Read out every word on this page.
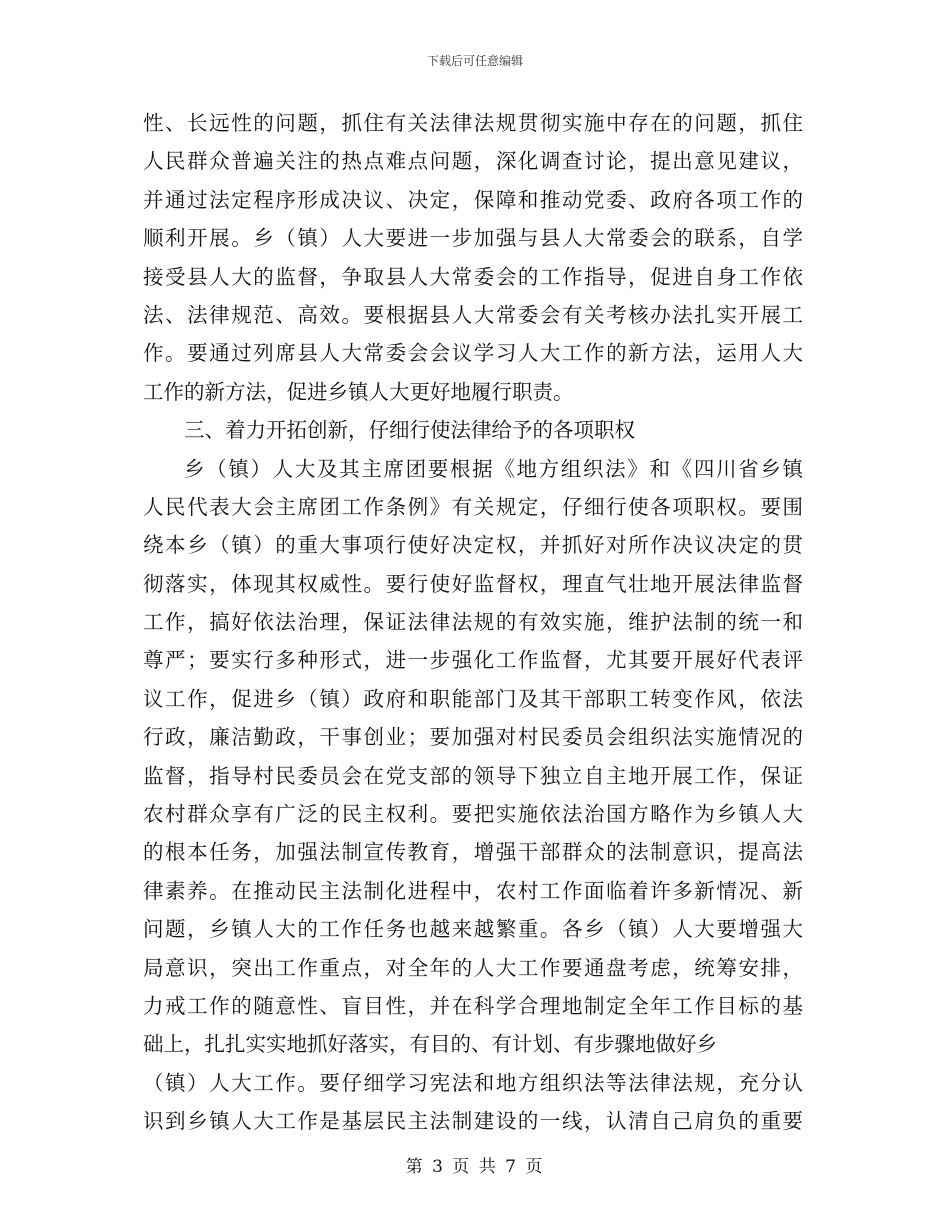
下载后可任意编辑
性、长远性的问题，抓住有关法律法规贯彻实施中存在的问题，抓住
人民群众普遍关注的热点难点问题，深化调查讨论，提出意见建议，
并通过法定程序形成决议、决定，保障和推动党委、政府各项工作的
顺利开展。乡（镇）人大要进一步加强与县人大常委会的联系，自学
接受县人大的监督，争取县人大常委会的工作指导，促进自身工作依
法、法律规范、高效。要根据县人大常委会有关考核办法扎实开展工
作。要通过列席县人大常委会会议学习人大工作的新方法，运用人大
工作的新方法，促进乡镇人大更好地履行职责。
三、着力开拓创新，仔细行使法律给予的各项职权
乡（镇）人大及其主席团要根据《地方组织法》和《四川省乡镇
人民代表大会主席团工作条例》有关规定，仔细行使各项职权。要围
绕本乡（镇）的重大事项行使好决定权，并抓好对所作决议决定的贯
彻落实，体现其权威性。要行使好监督权，理直气壮地开展法律监督
工作，搞好依法治理，保证法律法规的有效实施，维护法制的统一和
尊严；要实行多种形式，进一步强化工作监督，尤其要开展好代表评
议工作，促进乡（镇）政府和职能部门及其干部职工转变作风，依法
行政，廉洁勤政，干事创业；要加强对村民委员会组织法实施情况的
监督，指导村民委员会在党支部的领导下独立自主地开展工作，保证
农村群众享有广泛的民主权利。要把实施依法治国方略作为乡镇人大
的根本任务，加强法制宣传教育，增强干部群众的法制意识，提高法
律素养。在推动民主法制化进程中，农村工作面临着许多新情况、新
问题，乡镇人大的工作任务也越来越繁重。各乡（镇）人大要增强大
局意识，突出工作重点，对全年的人大工作要通盘考虑，统筹安排，
力戒工作的随意性、盲目性，并在科学合理地制定全年工作目标的基
础上，扎扎实实地抓好落实，有目的、有计划、有步骤地做好乡
（镇）人大工作。要仔细学习宪法和地方组织法等法律法规，充分认
识到乡镇人大工作是基层民主法制建设的一线，认清自己肩负的重要
第 3 页 共 7 页
